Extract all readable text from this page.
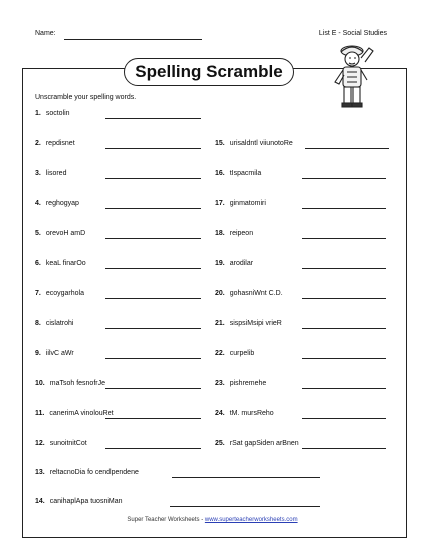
Name:	List E - Social Studies
Spelling Scramble
Unscramble your spelling words.
1. soctolin
2. repdisnet
3. lisored
4. reghogyap
5. orevoH amD
6. keaL finarOo
7. ecoygarhola
8. cislatrohi
9. iilvC aWr
10. maTsoh fesnofrJe
11. canerimA vinolouRet
12. sunoitnitCot
13. reltacnoDia fo cendlpendene
14. canihaplApa tuosniMan
15. urisaldntl viiunotoRe
16. tIspacmila
17. ginmatomiri
18. reipeon
19. arodilar
20. gohasniWnt C.D.
21. sispsiMsipi vrieR
22. curpelib
23. pishremehe
24. tM. mursReho
25. rSat gapSiden arBnen
Super Teacher Worksheets - www.superteacherworksheets.com
